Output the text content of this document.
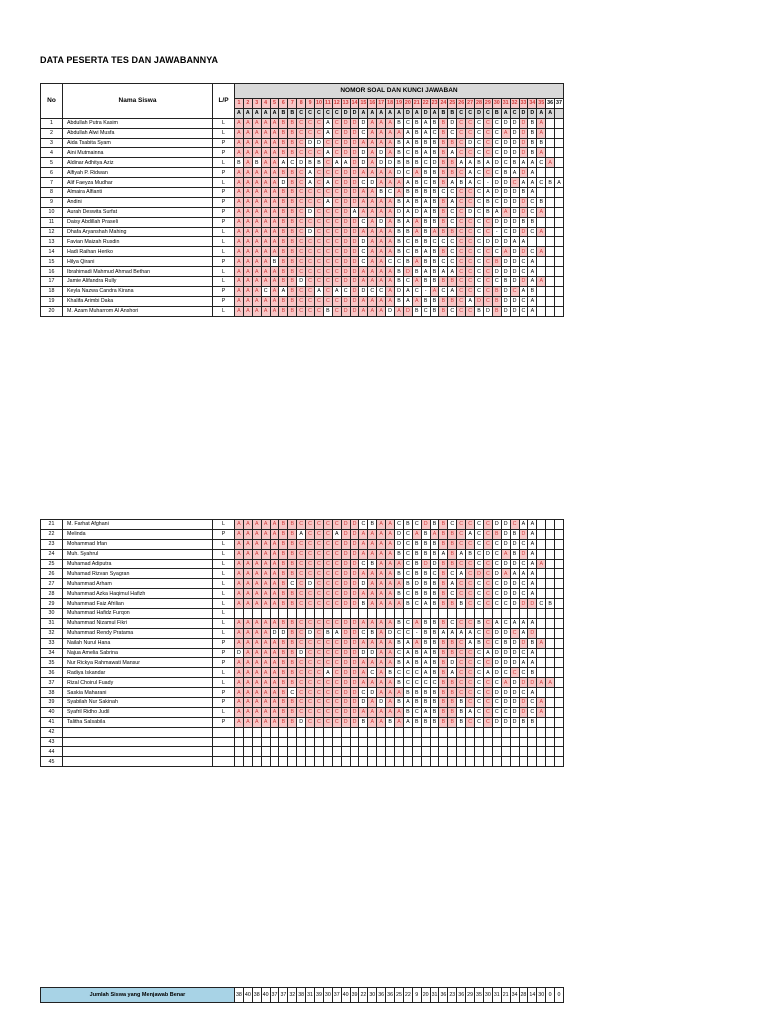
DATA PESERTA TES DAN JAWABANNYA
No	Nama Siswa	L/P	NOMOR SOAL DAN KUNCI JAWABAN																																				
			1	2	3	4	5	6	7	8	9	10	11	12	13	14	15	16	17	18	19	20	21	22	23	24	25	26	27	28	29	30	31	32	33	34	35	36	37
			A	A	A	A	A	B	B	C	C	C	C	C	D	D	A	A	A	A	A	D	A	D	A	B	B	C	C	D	C	B	A	C	D	D	A	A	
1	Abdullah Putra Kasim	L	A	A	A	A	A	B	B	C	C	C	A	C	D	D	D	A	A	A	B	C	B	A	B	B	D	C	C	C	C	C	D	D	D	B	A		
2	Abdullah Alwi Musfa	L	A	A	A	A	A	B	B	C	C	C	A	C	D	D	C	A	A	A	A	A	B	A	C	B	C	C	C	C	C	C	A	D	D	B	A		
3	Aida Tsabita Syam	P	A	A	A	A	A	B	B	C	D	D	C	C	D	D	A	A	A	A	B	A	B	B	B	B	B	C	D	C	C	C	D	D	D	B	B		
4	Aini Mutmainna	P	A	A	A	A	A	B	B	C	C	C	A	C	D	D	D	A	D	A	B	C	B	A	B	B	A	C	C	C	C	C	D	D	D	B	A		
5	Aldinar Adhitya Aziz	L	B	A	B	A	A	A	C	D	B	B	C	A	A	D	D	A	D	D	B	B	B	C	D	B	B	A	A	B	A	D	C	B	A	A	C	A	
6	Alfiyah P. Ridwan	P	A	A	A	A	A	B	B	C	A	C	C	C	D	D	A	A	A	A	D	C	A	B	B	B	B	C	A	C	C	C	B	A	D	A			
7	Alif Faeyza Mudhar	L	A	A	A	A	A	D	B	C	A	C	A	C	D	D	C	D	A	A	A	A	B	C	B	B	A	B	A	C	-	D	D	C	A	A	C	B	A
8	Almaira Alfianti	P	A	A	A	A	A	B	B	C	C	C	C	C	D	D	A	A	B	C	A	B	B	B	B	C	C	C	C	C	A	D	D	D	B	A			
9	Andini	P	A	A	A	A	A	B	B	C	C	C	A	C	D	D	A	A	A	A	B	A	B	A	B	B	A	C	C	C	B	C	D	D	D	C	B		
10	Aurah Deswita Surfat	P	A	A	A	A	A	B	B	C	D	C	C	C	D	A	A	A	A	A	D	A	D	A	B	B	C	C	D	C	B	A	A	D	D	C	A		
11	Daisy Abdillah Praseli	P	A	A	A	A	A	B	B	C	C	C	C	C	D	D	C	A	D	A	B	A	A	B	B	B	C	C	C	C	C	D	D	D	B	B			
12	Dhafa Aryanshah Mahing	L	A	A	A	A	A	B	B	C	D	C	C	C	D	D	A	A	A	A	B	B	A	B	A	B	B	C	C	C	C	-	C	D	D	C	A		
13	Favian Maizah Rusdin	L	A	A	A	A	A	B	B	C	C	C	C	C	D	D	D	A	A	A	B	C	B	B	C	C	C	C	C	C	D	D	D	A	A				
14	Hadi Raihan Heriko	L	A	A	A	A	A	B	B	C	C	C	C	C	D	D	C	A	A	A	B	C	B	A	B	B	C	C	C	C	C	C	A	D	D	C	A		
15	Hilya Qirani	P	A	A	A	A	B	B	B	C	C	C	C	C	D	D	C	A	A	C	C	B	A	B	B	C	C	C	C	C	C	B	D	D	C	A			
16	Ibrahimadi Mahmud Ahmad Bethan	L	A	A	A	A	A	B	B	C	C	C	C	C	D	D	A	A	A	A	B	D	B	A	B	A	A	C	C	C	C	D	D	D	C	A			
17	Jamie Alifandra Rully	L	A	A	A	A	A	B	B	D	C	C	C	C	D	D	A	A	A	A	B	C	A	B	B	B	B	C	C	C	C	C	B	D	D	A	A		
18	Keyla Nazwa Candra Kirana	P	A	A	A	C	A	A	B	C	C	A	C	A	C	D	D	C	C	A	D	A	C	-	A	C	A	C	C	C	C	B	D	C	A	B			
19	Khalifa Arimbi Daka	P	A	A	A	A	A	B	B	C	C	C	C	C	D	D	A	A	A	A	B	A	A	B	B	B	B	C	A	D	C	B	D	D	C	A			
20	M. Azam Muharrom Al Anshori	L	A	A	A	A	A	B	B	C	C	C	B	C	D	D	A	A	A	D	A	D	B	C	B	B	C	C	C	B	D	B	D	D	C	A			
21	M. Farhat Afghani	L	A	A	A	A	A	B	B	C	C	C	C	C	D	D	C	B	A	A	C	B	C	D	B	B	C	C	C	C	C	D	D	C	A	A			
22	Melinda	P	A	A	A	A	A	B	B	A	C	C	C	A	D	D	A	A	A	A	D	C	A	B	A	B	B	C	A	C	C	B	D	B	D	A			
23	Mohammad Irfan	L	A	A	A	A	A	B	B	C	C	C	C	C	D	D	A	A	A	A	D	C	B	B	B	B	B	C	C	C	C	C	D	D	C	A			
24	Muh. Syahrul	L	A	A	A	A	A	B	B	C	C	C	C	C	D	D	A	A	A	A	B	C	B	B	B	A	B	A	B	C	D	C	A	B	D	A			
25	Muhamad Adiputra	L	A	A	A	A	A	B	B	C	C	C	C	C	D	D	C	B	A	A	A	C	B	D	D	B	B	C	C	C	C	C	D	D	C	A	A		
26	Muhamad Rizvan Syagran	L	A	A	A	A	A	B	B	C	C	C	C	C	D	D	A	A	A	A	B	C	B	B	C	B	C	A	C	D	C	D	A	A	A	A			
27	Muhammad Arham	L	A	A	A	A	A	B	C	C	D	C	C	C	D	D	D	A	A	A	A	B	D	B	B	B	A	C	C	C	C	C	D	D	C	A			
28	Muhammad Azka Haqimul Hafizh	L	A	A	A	A	A	B	B	C	C	C	C	C	D	D	A	A	A	A	B	C	B	B	B	B	C	C	C	C	C	C	D	D	C	A			
29	Muhammad Faiz Afrilian	L	A	A	A	A	A	B	B	C	C	C	C	C	D	D	B	A	A	A	A	B	C	A	B	B	B	B	C	C	C	C	C	D	D	D	C	B	
30	Muhammad Hafidz Furqon	L																																					
31	Muhammad Nizamul Fikri	L	A	A	A	A	A	B	B	C	C	C	C	C	D	D	A	A	A	A	B	C	A	B	B	B	C	C	C	B	C	A	C	A	A	A			
32	Muhammad Rendy Pratama	L	A	A	A	A	D	D	B	C	D	C	B	A	D	D	C	B	A	D	C	C	-	B	B	A	A	A	A	C	C	D	D	C	A	D			
33	Nailah Nurul Hana	P	A	A	A	A	A	B	B	C	C	C	C	C	D	D	A	A	A	A	B	A	A	B	B	B	B	C	A	B	C	C	B	D	D	B	A		
34	Najua Amelia Sabrina	P	D	A	A	A	A	B	B	D	C	C	C	C	D	D	D	D	A	A	C	A	B	A	B	B	B	C	C	C	A	D	D	D	C	A			
35	Nur Rickya Rahmawati Mansur	P	A	A	A	A	A	B	B	C	C	C	C	C	D	D	A	A	A	A	B	A	B	A	B	B	D	C	C	C	C	D	D	D	A	A			
36	Radiya Iskandar	L	A	A	A	A	A	B	B	C	C	C	A	C	D	D	A	C	A	B	C	C	C	A	B	B	A	C	C	C	A	D	C	C	C	B			
37	Rizal Choirul Fuady	L	A	A	A	A	A	B	B	C	C	C	C	C	D	D	A	A	A	A	B	C	C	C	C	B	B	C	C	C	C	C	A	D	D	D	A	A	
38	Saskia Maharani	P	A	A	A	A	A	B	C	C	C	C	C	C	D	D	C	D	A	A	A	B	B	B	B	B	B	C	C	C	C	D	D	D	C	A			
39	Syabilah Nur Sakinah	P	A	A	A	A	A	B	B	C	C	C	C	C	D	D	D	A	D	A	B	A	B	B	B	B	B	B	C	C	C	C	D	D	D	C	A		
40	Syafril Ridho Judil	L	A	A	A	A	A	B	B	C	C	C	C	C	D	D	A	A	A	A	A	B	C	A	B	B	B	B	A	C	C	C	C	D	D	C	A		
41	Talitha Salsabila	P	A	A	A	A	A	B	B	D	C	C	C	C	D	D	B	A	A	B	A	A	B	B	B	B	B	B	C	C	C	D	D	D	B	B			
42																																							
43																																							
44																																							
45																																							
Jumlah Siswa yang Menjawab Benar	38	40	38	40	37	37	32	38	31	39	30	37	40	39	22	30	36	36	25	22	9	20	31	36	23	36	29	35	30	31	21	34	28	14	30	0	0
